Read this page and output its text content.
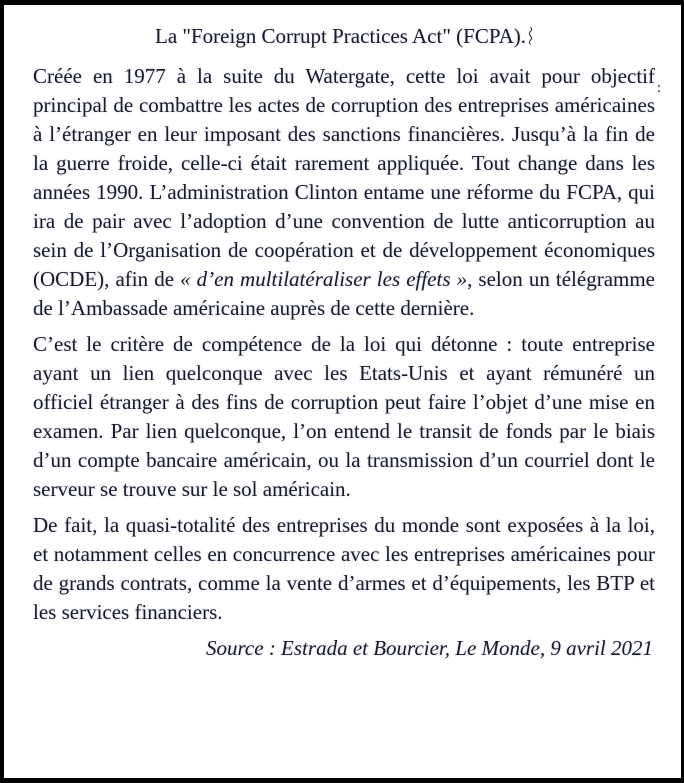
La "Foreign Corrupt Practices Act" (FCPA).

Créée en 1977 à la suite du Watergate, cette loi avait pour objectif principal de combattre les actes de corruption des entreprises américaines à l’étranger en leur imposant des sanctions financières. Jusqu’à la fin de la guerre froide, celle-ci était rarement appliquée. Tout change dans les années 1990. L’administration Clinton entame une réforme du FCPA, qui ira de pair avec l’adoption d’une convention de lutte anticorruption au sein de l’Organisation de coopération et de développement économiques (OCDE), afin de « d’en multilatéraliser les effets », selon un télégramme de l’Ambassade américaine auprès de cette dernière.

C’est le critère de compétence de la loi qui détonne : toute entreprise ayant un lien quelconque avec les Etats-Unis et ayant rémunéré un officiel étranger à des fins de corruption peut faire l’objet d’une mise en examen. Par lien quelconque, l’on entend le transit de fonds par le biais d’un compte bancaire américain, ou la transmission d’un courriel dont le serveur se trouve sur le sol américain.

De fait, la quasi-totalité des entreprises du monde sont exposées à la loi, et notamment celles en concurrence avec les entreprises américaines pour de grands contrats, comme la vente d’armes et d’équipements, les BTP et les services financiers.

Source : Estrada et Bourcier, Le Monde, 9 avril 2021
:
